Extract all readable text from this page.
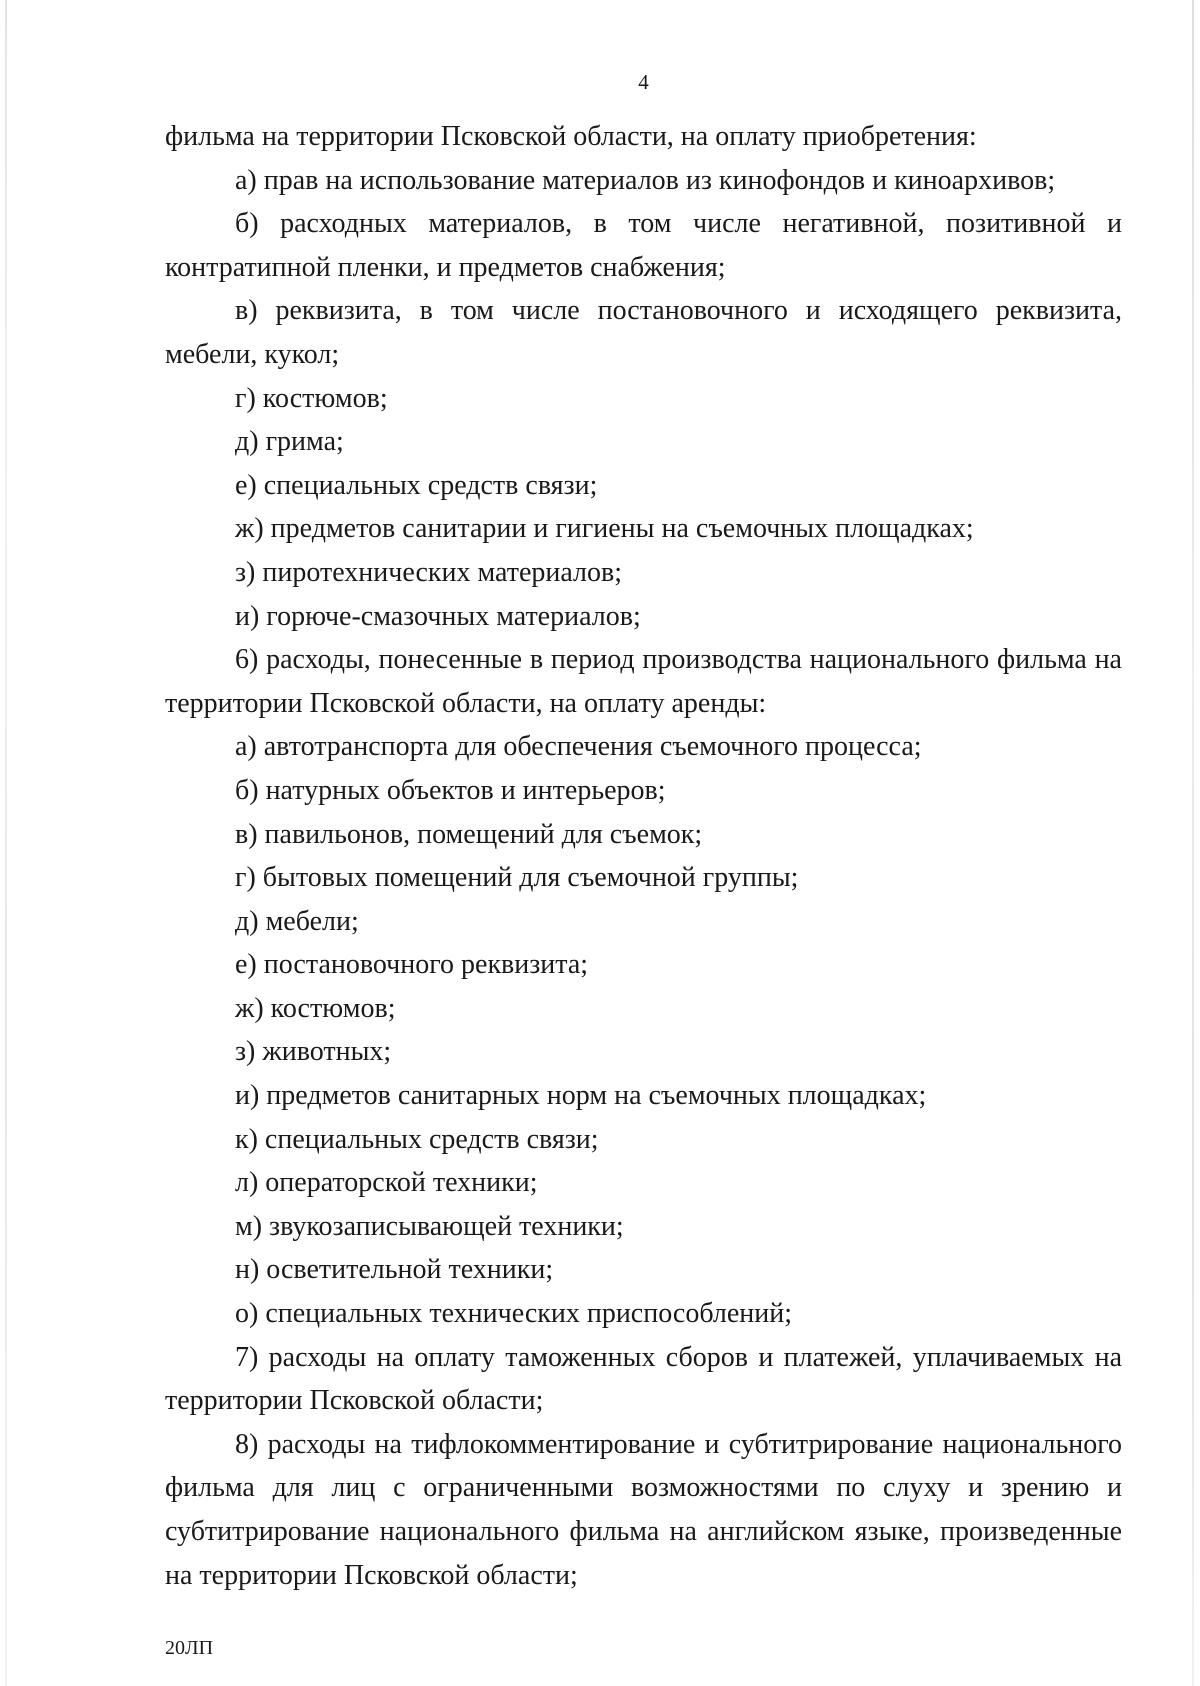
4

фильма на территории Псковской области, на оплату приобретения:

а) прав на использование материалов из кинофондов и киноархивов;

б) расходных материалов, в том числе негативной, позитивной и контратипной пленки, и предметов снабжения;

в) реквизита, в том числе постановочного и исходящего реквизита, мебели, кукол;

г) костюмов;

д) грима;

е) специальных средств связи;

ж) предметов санитарии и гигиены на съемочных площадках;

з) пиротехнических материалов;

и) горюче-смазочных материалов;

6) расходы, понесенные в период производства национального фильма на территории Псковской области, на оплату аренды:

а) автотранспорта для обеспечения съемочного процесса;

б) натурных объектов и интерьеров;

в) павильонов, помещений для съемок;

г) бытовых помещений для съемочной группы;

д) мебели;

е) постановочного реквизита;

ж) костюмов;

з) животных;

и) предметов санитарных норм на съемочных площадках;

к) специальных средств связи;

л) операторской техники;

м) звукозаписывающей техники;

н) осветительной техники;

о) специальных технических приспособлений;

7) расходы на оплату таможенных сборов и платежей, уплачиваемых на территории Псковской области;

8) расходы на тифлокомментирование и субтитрирование национального фильма для лиц с ограниченными возможностями по слуху и зрению и субтитрирование национального фильма на английском языке, произведенные на территории Псковской области;

20ЛП
